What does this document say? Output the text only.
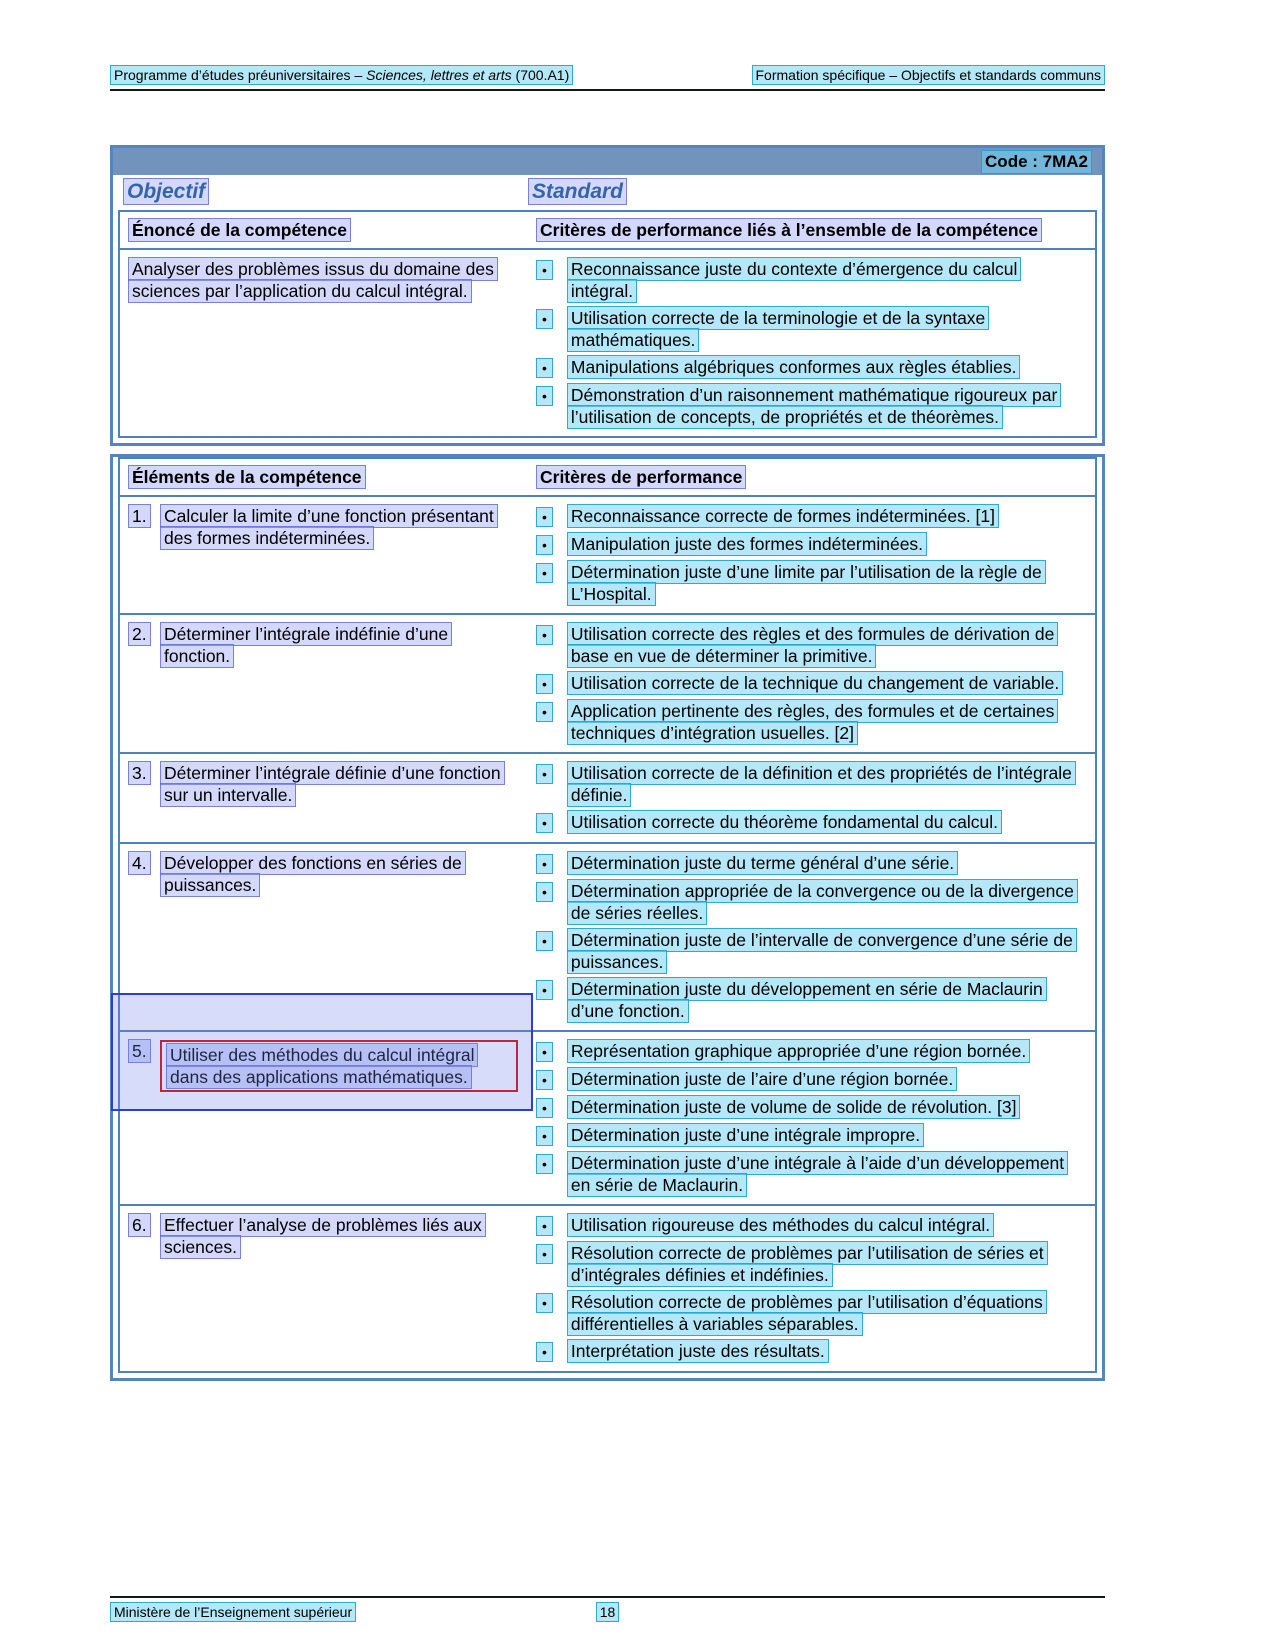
Programme d’études préuniversitaires – Sciences, lettres et arts (700.A1)	Formation spécifique – Objectifs et standards communs
Code : 7MA2
Objectif	Standard
Énoncé de la compétence	Critères de performance liés à l’ensemble de la compétence
Analyser des problèmes issus du domaine des sciences par l’application du calcul intégral.
•	Reconnaissance juste du contexte d’émergence du calcul intégral.
•	Utilisation correcte de la terminologie et de la syntaxe mathématiques.
•	Manipulations algébriques conformes aux règles établies.
•	Démonstration d’un raisonnement mathématique rigoureux par l’utilisation de concepts, de propriétés et de théorèmes.
Éléments de la compétence	Critères de performance
1. Calculer la limite d’une fonction présentant des formes indéterminées.
•	Reconnaissance correcte de formes indéterminées. [1]
•	Manipulation juste des formes indéterminées.
•	Détermination juste d’une limite par l’utilisation de la règle de L’Hospital.
2. Déterminer l’intégrale indéfinie d’une fonction.
•	Utilisation correcte des règles et des formules de dérivation de base en vue de déterminer la primitive.
•	Utilisation correcte de la technique du changement de variable.
•	Application pertinente des règles, des formules et de certaines techniques d’intégration usuelles. [2]
3. Déterminer l’intégrale définie d’une fonction sur un intervalle.
•	Utilisation correcte de la définition et des propriétés de l’intégrale définie.
•	Utilisation correcte du théorème fondamental du calcul.
4. Développer des fonctions en séries de puissances.
•	Détermination juste du terme général d’une série.
•	Détermination appropriée de la convergence ou de la divergence de séries réelles.
•	Détermination juste de l’intervalle de convergence d’une série de puissances.
•	Détermination juste du développement en série de Maclaurin d’une fonction.
5.	Utiliser des méthodes du calcul intégral dans des applications mathématiques.
•	Représentation graphique appropriée d’une région bornée.
•	Détermination juste de l’aire d’une région bornée.
•	Détermination juste de volume de solide de révolution. [3]
•	Détermination juste d’une intégrale impropre.
•	Détermination juste d’une intégrale à l’aide d’un développement en série de Maclaurin.
6. Effectuer l’analyse de problèmes liés aux sciences.
•	Utilisation rigoureuse des méthodes du calcul intégral.
•	Résolution correcte de problèmes par l’utilisation de séries et d’intégrales définies et indéfinies.
•	Résolution correcte de problèmes par l’utilisation d’équations différentielles à variables séparables.
•	Interprétation juste des résultats.
Ministère de l’Enseignement supérieur	18
